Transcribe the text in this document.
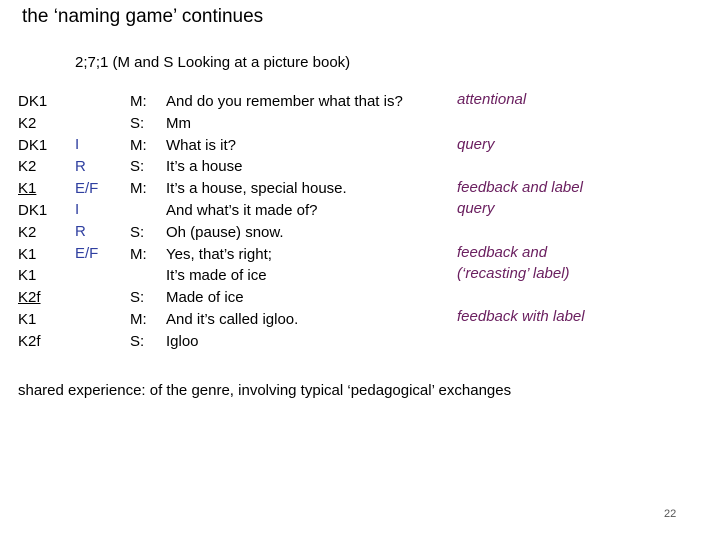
the ‘naming game’ continues
2;7;1 (M and S Looking at a picture book)
DK1
K2
DK1
K2
K1
DK1
K2
K1
K1
K2f
K1
K2f
I
R
E/F
I
R
E/F
M:
S:
M:
S:
M:
S:
M:
S:
M:
S:
And do you remember what that is?
Mm
What is it?
It’s a house
It’s a house, special house.
And what’s it made of?
Oh (pause) snow.
Yes, that’s right;
It’s made of ice
Made of ice
And it’s called igloo.
Igloo
attentional
query
feedback and label
query
feedback and
(‘recasting’ label)
feedback with label
shared experience: of the genre, involving typical ‘pedagogical’ exchanges
22
